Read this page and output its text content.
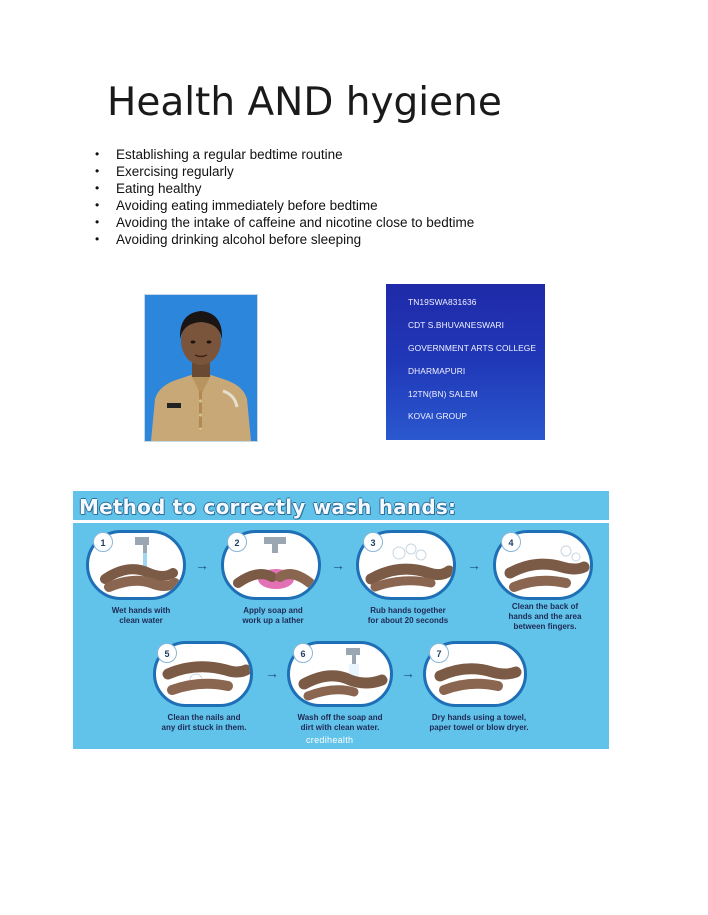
Health AND hygiene
• Establishing a regular bedtime routine
• Exercising regularly
• Eating healthy
• Avoiding eating immediately before bedtime
• Avoiding the intake of caffeine and nicotine close to bedtime
• Avoiding drinking alcohol before sleeping
TN19SWA831636
CDT S.BHUVANESWARI
GOVERNMENT ARTS COLLEGE
DHARMAPURI
12TN(BN) SALEM
KOVAI GROUP
Method to correctly wash hands:
1
Wet hands with
clean water
→
2
Apply soap and
work up a lather
→
3
Rub hands together
for about 20 seconds
→
4
Clean the back of
hands and the area
between fingers.
5
Clean the nails and
any dirt stuck in them.
→
6
Wash off the soap and
dirt with clean water.
→
7
Dry hands using a towel,
paper towel or blow dryer.
credihealth
